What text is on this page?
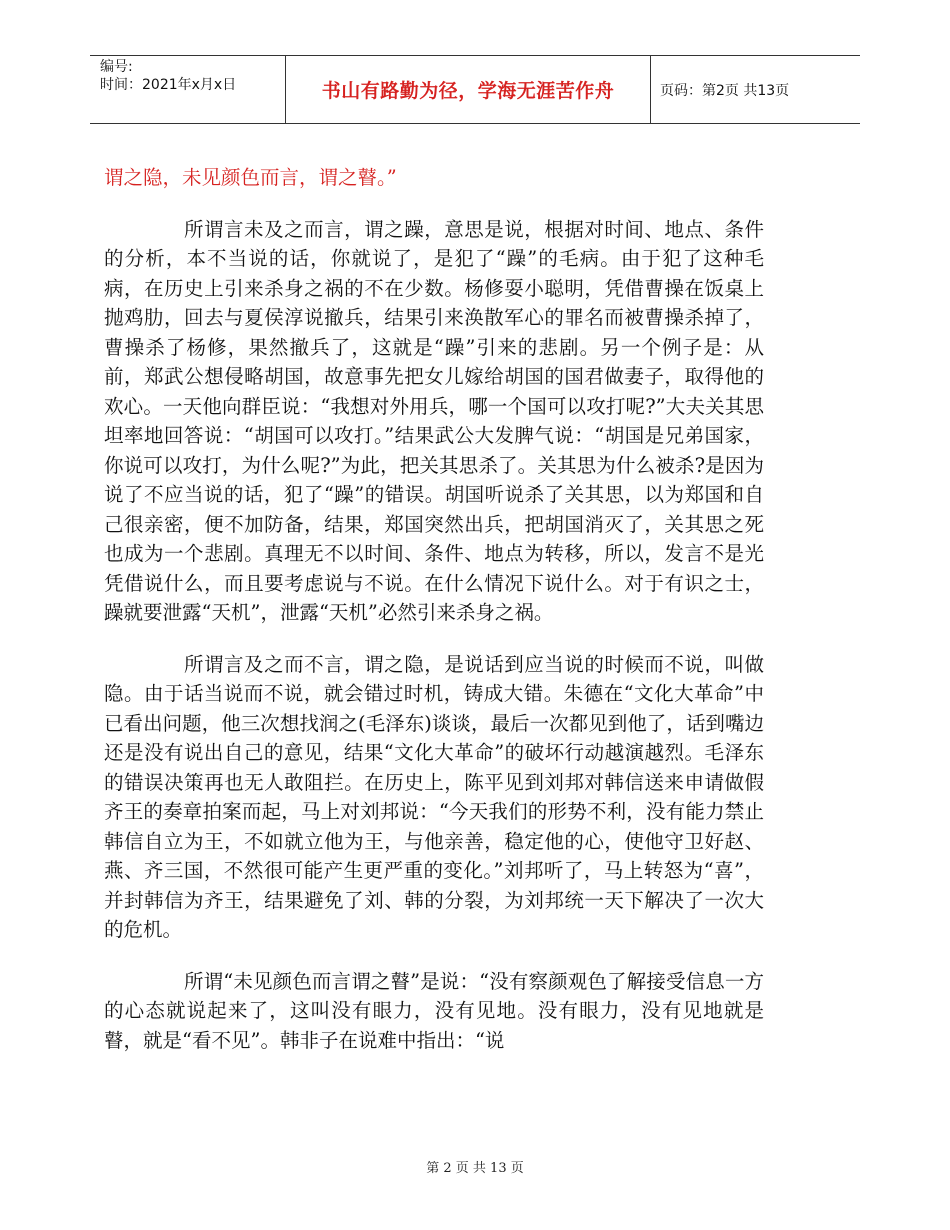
编号:
时间：2021年x月x日	书山有路勤为径，学海无涯苦作舟	页码：第2页 共13页

谓之隐，未见颜色而言，谓之瞽。”

所谓言未及之而言，谓之躁，意思是说，根据对时间、地点、条件的分析，本不当说的话，你就说了，是犯了“躁”的毛病。由于犯了这种毛病，在历史上引来杀身之祸的不在少数。杨修耍小聪明，凭借曹操在饭桌上抛鸡肋，回去与夏侯淳说撤兵，结果引来涣散军心的罪名而被曹操杀掉了，曹操杀了杨修，果然撤兵了，这就是“躁”引来的悲剧。另一个例子是：从前，郑武公想侵略胡国，故意事先把女儿嫁给胡国的国君做妻子，取得他的欢心。一天他向群臣说：“我想对外用兵，哪一个国可以攻打呢?”大夫关其思坦率地回答说：“胡国可以攻打。”结果武公大发脾气说：“胡国是兄弟国家，你说可以攻打，为什么呢?”为此，把关其思杀了。关其思为什么被杀?是因为说了不应当说的话，犯了“躁”的错误。胡国听说杀了关其思，以为郑国和自己很亲密，便不加防备，结果，郑国突然出兵，把胡国消灭了，关其思之死也成为一个悲剧。真理无不以时间、条件、地点为转移，所以，发言不是光凭借说什么，而且要考虑说与不说。在什么情况下说什么。对于有识之士，躁就要泄露“天机”，泄露“天机”必然引来杀身之祸。

所谓言及之而不言，谓之隐，是说话到应当说的时候而不说，叫做隐。由于话当说而不说，就会错过时机，铸成大错。朱德在“文化大革命”中已看出问题，他三次想找润之(毛泽东)谈谈，最后一次都见到他了，话到嘴边还是没有说出自己的意见，结果“文化大革命”的破坏行动越演越烈。毛泽东的错误决策再也无人敢阻拦。在历史上，陈平见到刘邦对韩信送来申请做假齐王的奏章拍案而起，马上对刘邦说：“今天我们的形势不利，没有能力禁止韩信自立为王，不如就立他为王，与他亲善，稳定他的心，使他守卫好赵、燕、齐三国，不然很可能产生更严重的变化。”刘邦听了，马上转怒为“喜”，并封韩信为齐王，结果避免了刘、韩的分裂，为刘邦统一天下解决了一次大的危机。

所谓“未见颜色而言谓之瞽”是说：“没有察颜观色了解接受信息一方的心态就说起来了，这叫没有眼力，没有见地。没有眼力，没有见地就是瞽，就是“看不见”。韩非子在说难中指出：“说

第 2 页 共 13 页
